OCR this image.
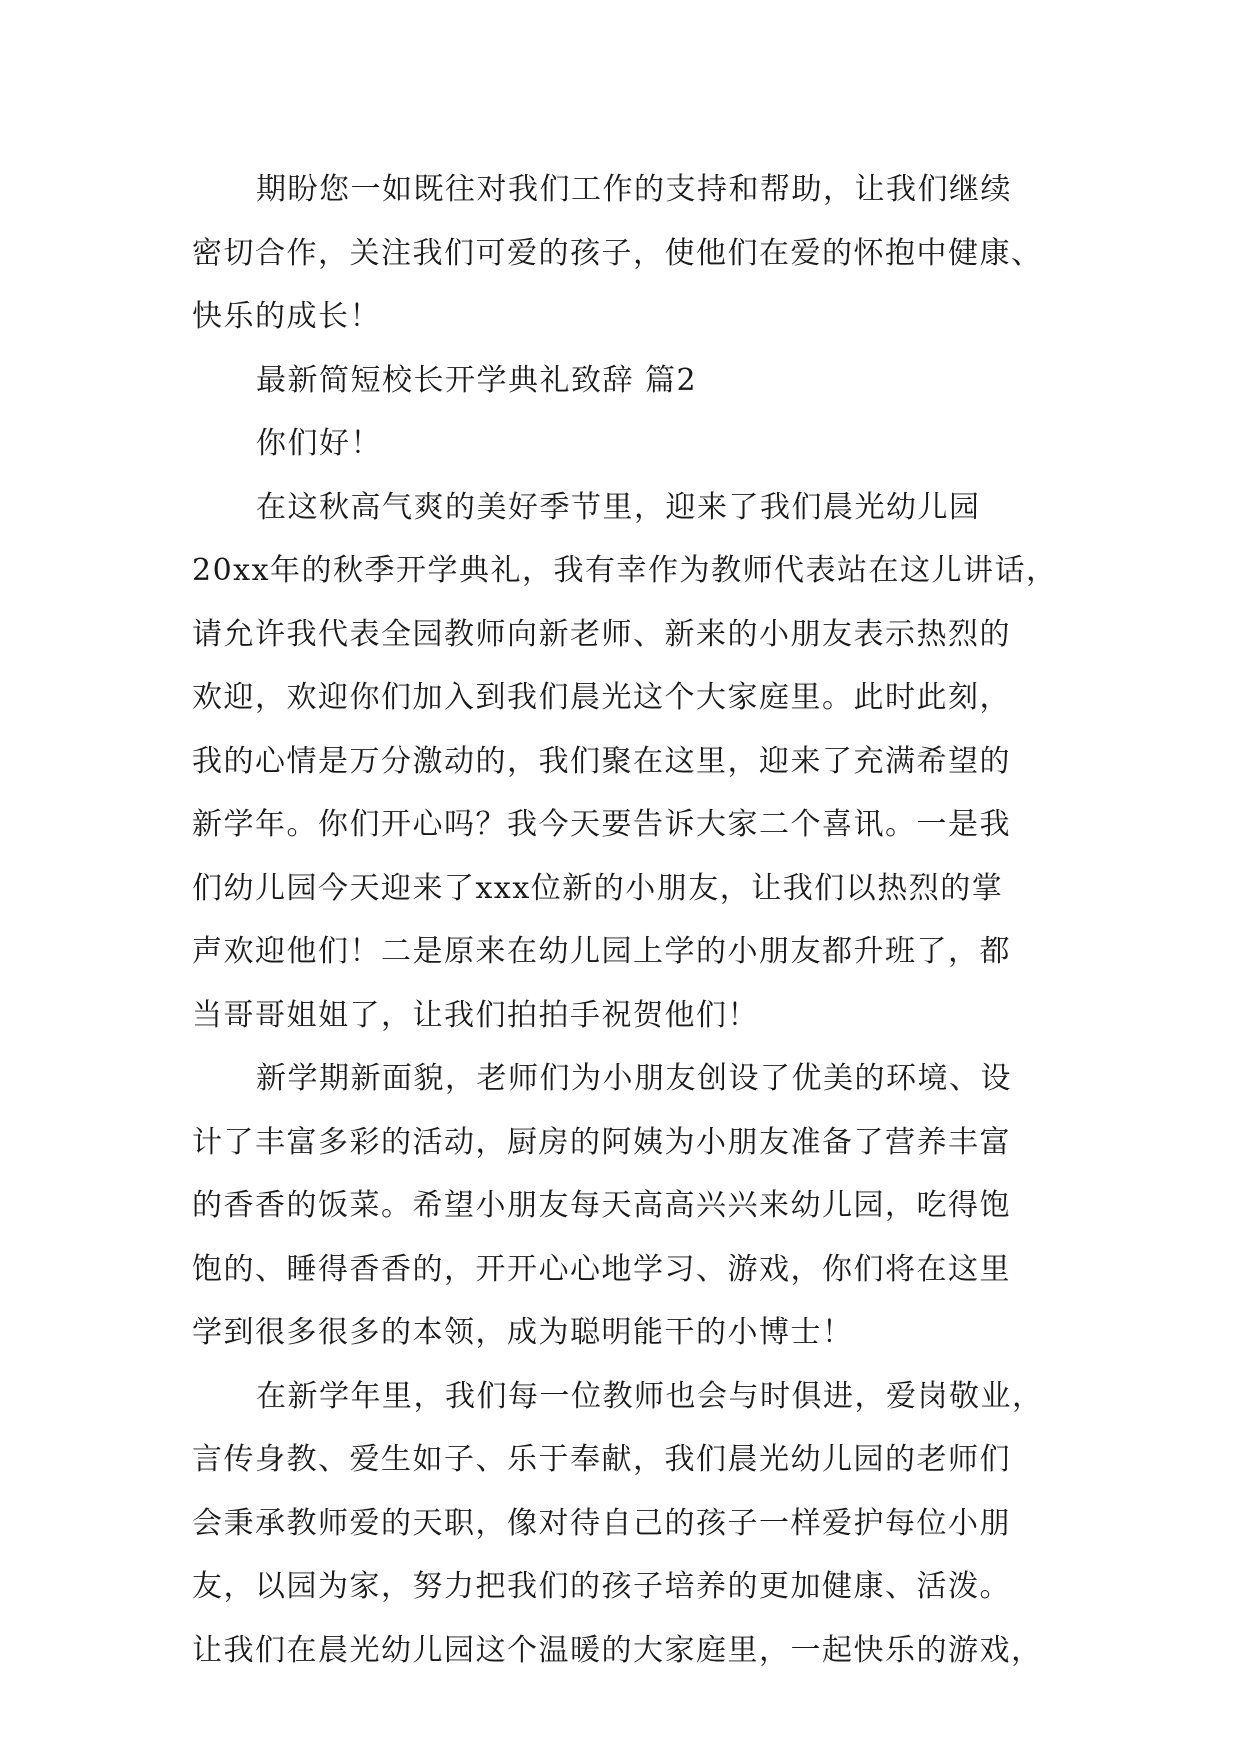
期盼您一如既往对我们工作的支持和帮助，让我们继续
密切合作，关注我们可爱的孩子，使他们在爱的怀抱中健康、
快乐的成长！
最新简短校长开学典礼致辞 篇2
你们好！
在这秋高气爽的美好季节里，迎来了我们晨光幼儿园
20xx年的秋季开学典礼，我有幸作为教师代表站在这儿讲话，
请允许我代表全园教师向新老师、新来的小朋友表示热烈的
欢迎，欢迎你们加入到我们晨光这个大家庭里。此时此刻，
我的心情是万分激动的，我们聚在这里，迎来了充满希望的
新学年。你们开心吗？我今天要告诉大家二个喜讯。一是我
们幼儿园今天迎来了xxx位新的小朋友，让我们以热烈的掌
声欢迎他们！二是原来在幼儿园上学的小朋友都升班了，都
当哥哥姐姐了，让我们拍拍手祝贺他们！
新学期新面貌，老师们为小朋友创设了优美的环境、设
计了丰富多彩的活动，厨房的阿姨为小朋友准备了营养丰富
的香香的饭菜。希望小朋友每天高高兴兴来幼儿园，吃得饱
饱的、睡得香香的，开开心心地学习、游戏，你们将在这里
学到很多很多的本领，成为聪明能干的小博士！
在新学年里，我们每一位教师也会与时俱进，爱岗敬业，
言传身教、爱生如子、乐于奉献，我们晨光幼儿园的老师们
会秉承教师爱的天职，像对待自己的孩子一样爱护每位小朋
友，以园为家，努力把我们的孩子培养的更加健康、活泼。
让我们在晨光幼儿园这个温暖的大家庭里，一起快乐的游戏，
